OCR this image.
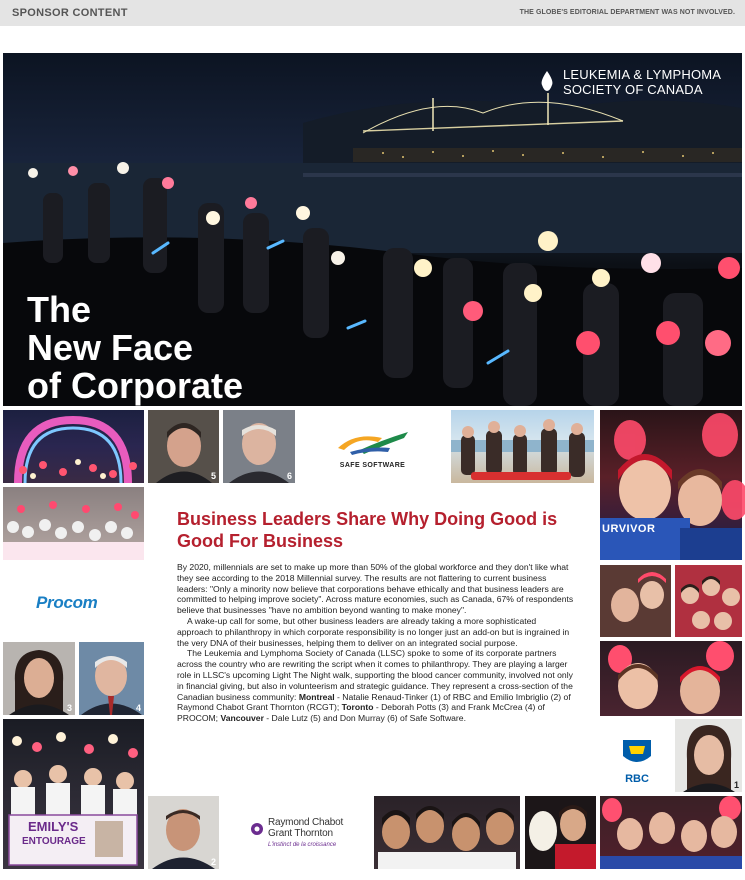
SPONSOR CONTENT	THE GLOBE'S EDITORIAL DEPARTMENT WAS NOT INVOLVED.
The
New Face
of Corporate
LEUKEMIA & LYMPHOMA
SOCIETY OF CANADA
5	6
SAFE SOFTWARE
URVIVOR
Procom
3	4
EMILY'S
ENTOURAGE
Business Leaders Share Why Doing Good is Good For Business

By 2020, millennials are set to make up more than 50% of the global workforce and they don't like what they see according to the 2018 Millennial survey. The results are not flattering to current business leaders: "Only a minority now believe that corporations behave ethically and that business leaders are committed to helping improve society". Across mature economies, such as Canada, 67% of respondents believe that businesses "have no ambition beyond wanting to make money".

A wake-up call for some, but other business leaders are already taking a more sophisticated approach to philanthropy in which corporate responsibility is no longer just an add-on but is ingrained in the very DNA of their businesses, helping them to deliver on an integrated social purpose.

The Leukemia and Lymphoma Society of Canada (LLSC) spoke to some of its corporate partners across the country who are rewriting the script when it comes to philanthropy. They are playing a larger role in LLSC's upcoming Light The Night walk, supporting the blood cancer community, involved not only in financial giving, but also in volunteerism and strategic guidance. They represent a cross-section of the Canadian business community: Montreal - Natalie Renaud-Tinker (1) of RBC and Emilio Imbriglio (2) of Raymond Chabot Grant Thornton (RCGT); Toronto - Deborah Potts (3) and Frank McCrea (4) of PROCOM; Vancouver - Dale Lutz (5) and Don Murray (6) of Safe Software.

RBC	1
2
Raymond Chabot
Grant Thornton
L'instinct de la croissance
